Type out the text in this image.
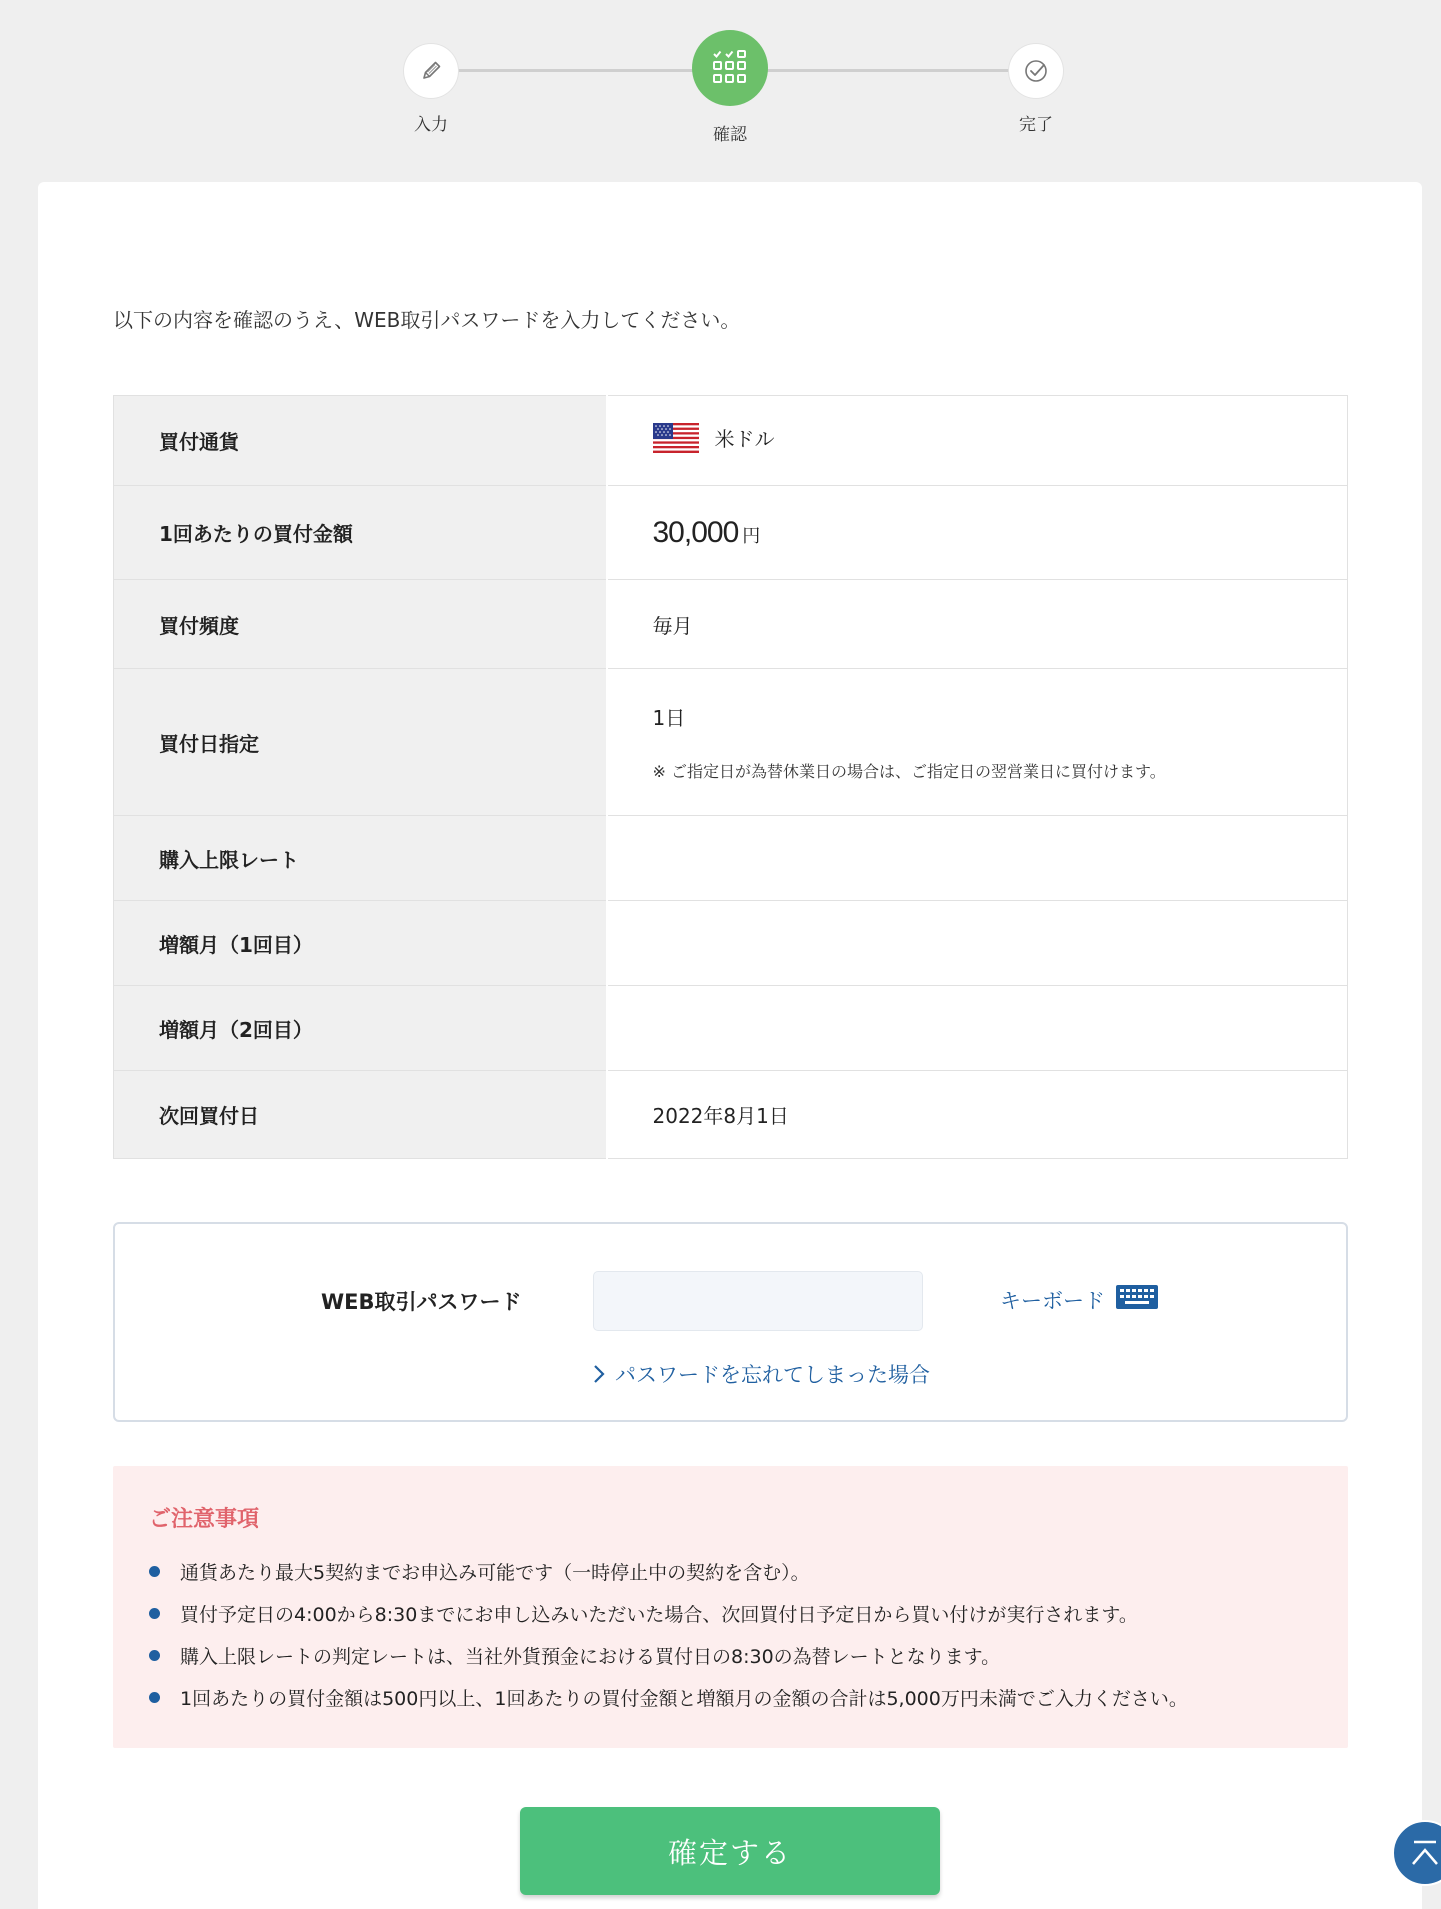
入力	確認	完了

以下の内容を確認のうえ、WEB取引パスワードを入力してください。

買付通貨	米ドル
1回あたりの買付金額	30,000 円
買付頻度	毎月
買付日指定	1日
※ ご指定日が為替休業日の場合は、ご指定日の翌営業日に買付けます。

購入上限レート	
増額月（1回目）	
増額月（2回目）	
次回買付日	2022年8月1日
WEB取引パスワード	キーボード
パスワードを忘れてしまった場合
ご注意事項
通貨あたり最大5契約までお申込み可能です（一時停止中の契約を含む）。
買付予定日の4:00から8:30までにお申し込みいただいた場合、次回買付日予定日から買い付けが実行されます。
購入上限レートの判定レートは、当社外貨預金における買付日の8:30の為替レートとなります。
1回あたりの買付金額は500円以上、1回あたりの買付金額と増額月の金額の合計は5,000万円未満でご入力ください。
確定する
